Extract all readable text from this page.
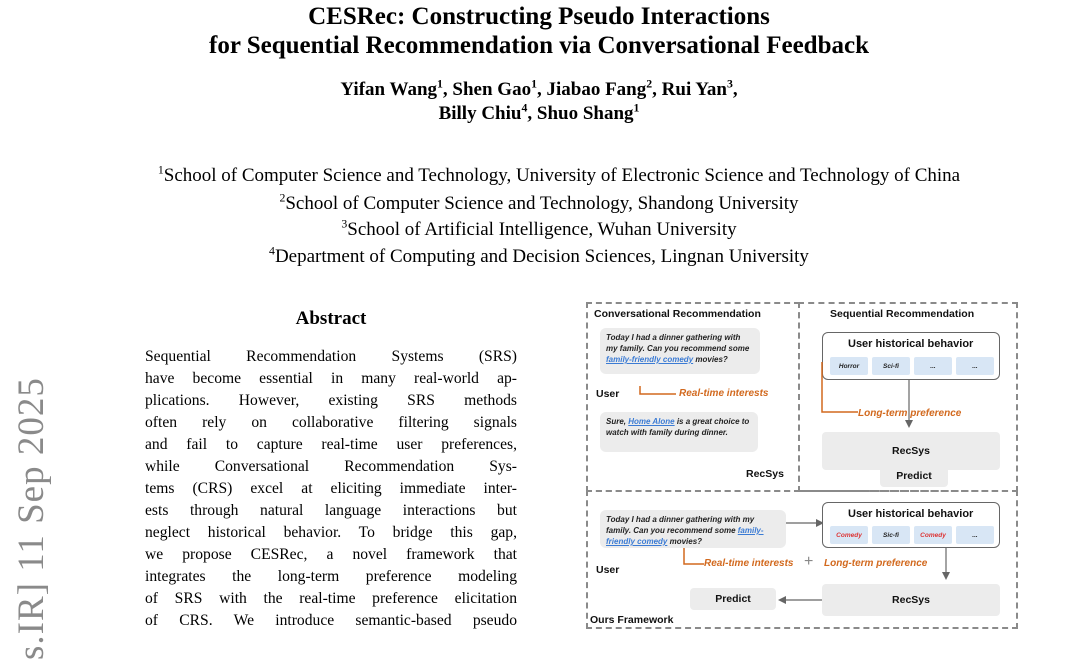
CESRec: Constructing Pseudo Interactions
for Sequential Recommendation via Conversational Feedback
Yifan Wang$^1$, Shen Gao$^1$, Jiabao Fang$^2$, Rui Yan$^3$,
Billy Chiu$^4$, Shuo Shang$^1$
$^1$School of Computer Science and Technology, University of Electronic Science and Technology of China
$^2$School of Computer Science and Technology, Shandong University
$^3$School of Artificial Intelligence, Wuhan University
$^4$Department of Computing and Decision Sciences, Lingnan University
s.IR] 11 Sep 2025
Abstract
Sequential Recommendation Systems (SRS)
have become essential in many real-world ap-
plications. However, existing SRS methods
often rely on collaborative filtering signals
and fail to capture real-time user preferences,
while Conversational Recommendation Sys-
tems (CRS) excel at eliciting immediate inter-
ests through natural language interactions but
neglect historical behavior. To bridge this gap,
we propose CESRec, a novel framework that
integrates the long-term preference modeling
of SRS with the real-time preference elicitation
of CRS. We introduce semantic-based pseudo
Conversational Recommendation	Sequential Recommendation
Today I had a dinner gathering with my family. Can you recommend some family-friendly comedy movies?
User	Real-time interests
Sure, Home Alone is a great choice to watch with family during dinner.
RecSys
User historical behavior
Horror	Sci-fi	...	...
Long-term preference
RecSys
Predict
Today I had a dinner gathering with my family. Can you recommend some family-friendly comedy movies?
User historical behavior
Comedy	Sic-fi	Comedy	...
User
Real-time interests + Long-term preference
RecSys
Predict
Ours Framework
